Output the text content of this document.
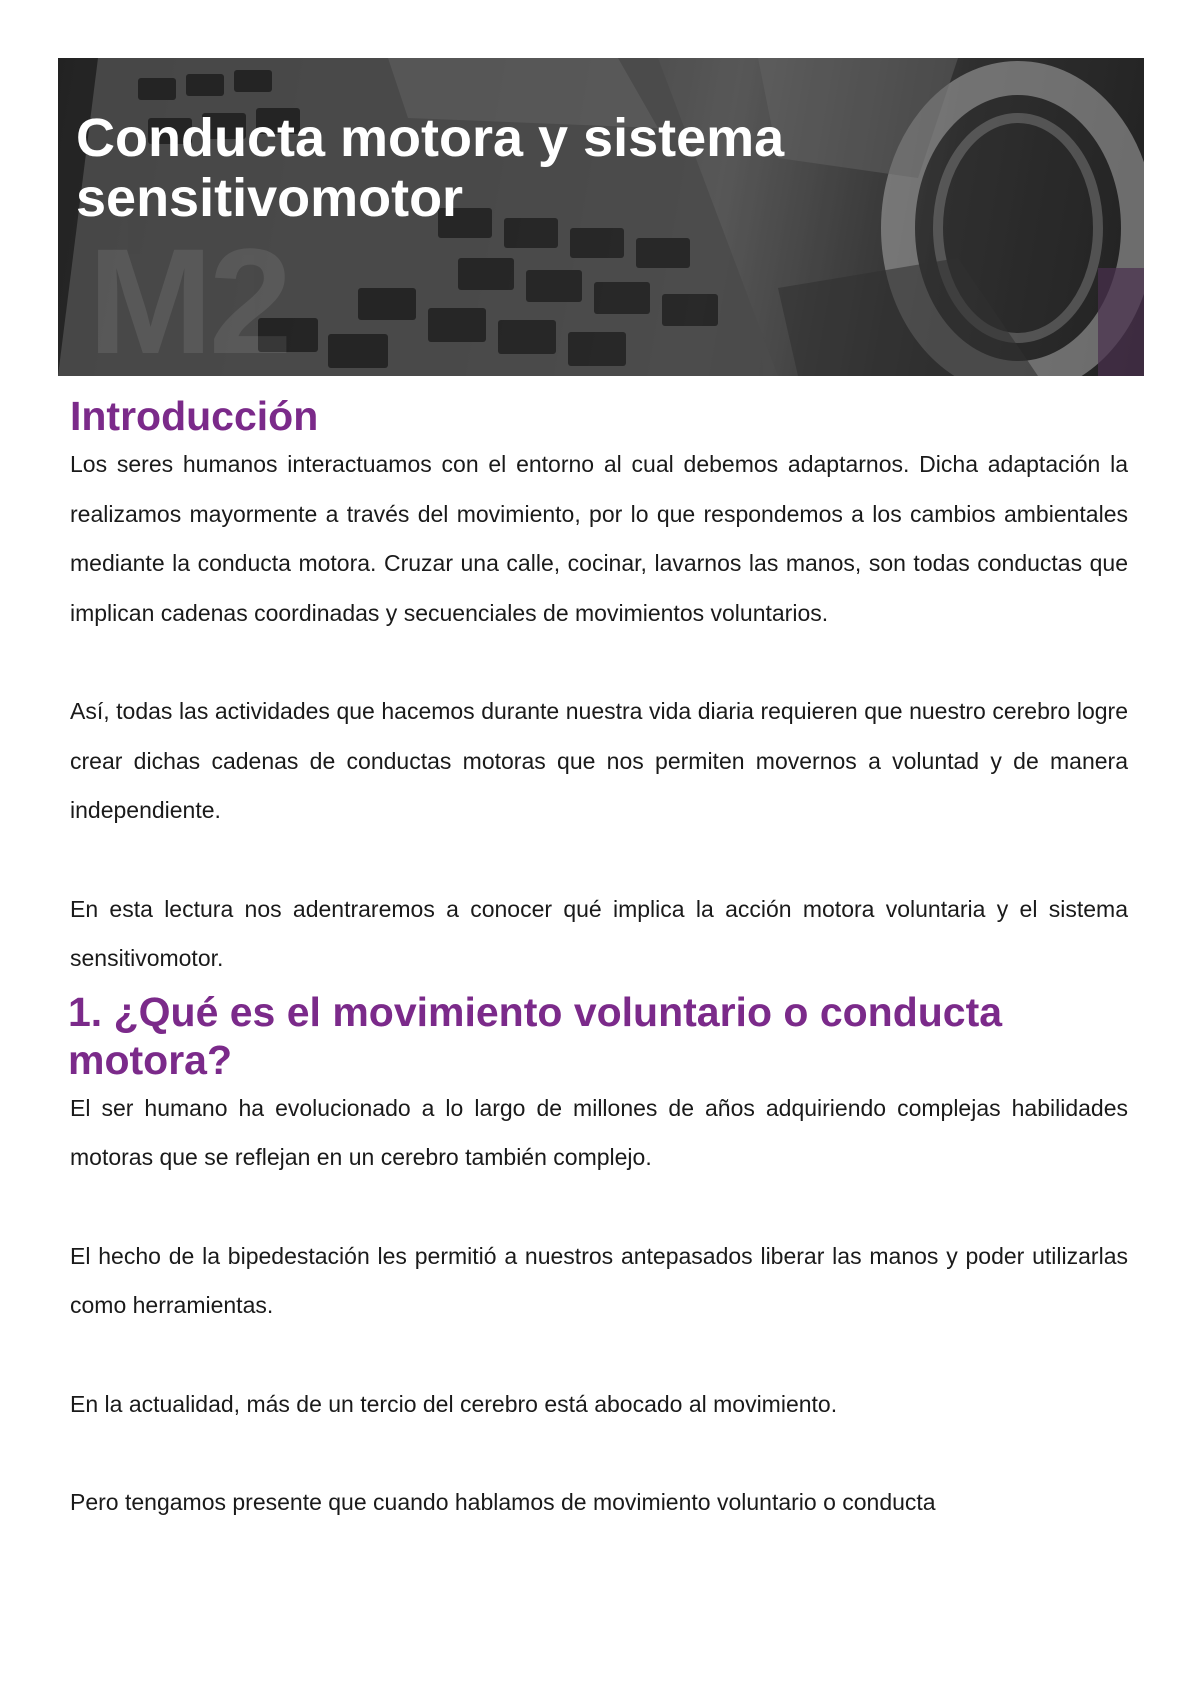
M2
Conducta motora y sistema sensitivomotor
Introducción

Los seres humanos interactuamos con el entorno al cual debemos adaptarnos. Dicha adaptación la realizamos mayormente a través del movimiento, por lo que respondemos a los cambios ambientales mediante la conducta motora. Cruzar una calle, cocinar, lavarnos las manos, son todas conductas que implican cadenas coordinadas y secuenciales de movimientos voluntarios.

Así, todas las actividades que hacemos durante nuestra vida diaria requieren que nuestro cerebro logre crear dichas cadenas de conductas motoras que nos permiten movernos a voluntad y de manera independiente.

En esta lectura nos adentraremos a conocer qué implica la acción motora voluntaria y el sistema sensitivomotor.

1. ¿Qué es el movimiento voluntario o conducta motora?

El ser humano ha evolucionado a lo largo de millones de años adquiriendo complejas habilidades motoras que se reflejan en un cerebro también complejo.

El hecho de la bipedestación les permitió a nuestros antepasados liberar las manos y poder utilizarlas como herramientas.

En la actualidad, más de un tercio del cerebro está abocado al movimiento.

Pero tengamos presente que cuando hablamos de movimiento voluntario o conducta
